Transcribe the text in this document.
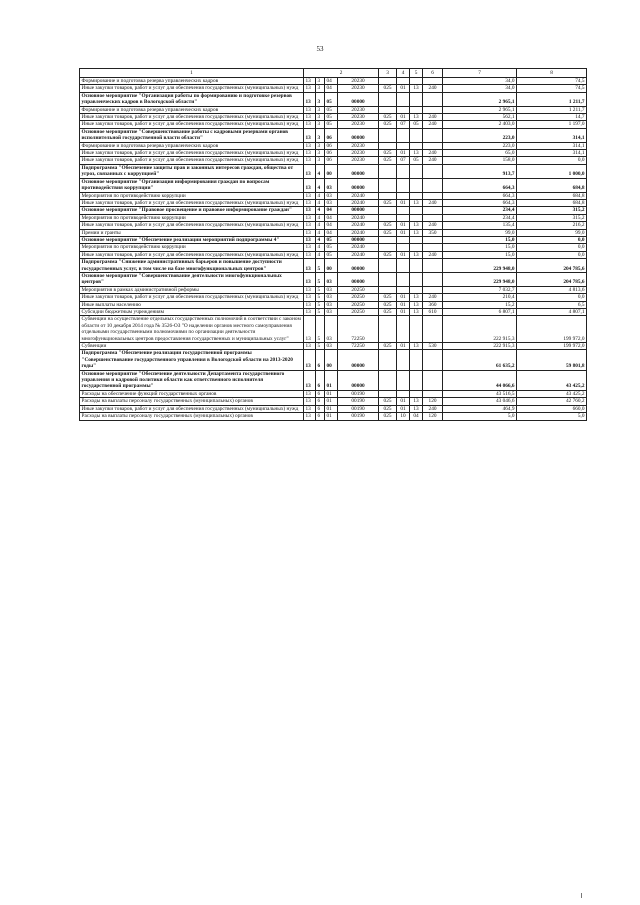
53
1	2				3	4	5	6	7	8
Формирование и подготовка резерва управленческих кадров	13	3	04	20230					34,0	74,5
Иные закупки товаров, работ и услуг для обеспечения государственных (муниципальных) нужд	13	3	04	20230	025	01	13	240	34,0	74,5
Основное мероприятие "Организация работы по формированию и подготовке резервов управленческих кадров в Вологодской области"	13	3	05	00000					2 965,1	1 211,7
Формирование и подготовка резерва управленческих кадров	13	3	05	20230					2 965,1	1 211,7
Иные закупки товаров, работ и услуг для обеспечения государственных (муниципальных) нужд	13	3	05	20230	025	01	13	240	562,1	14,7
Иные закупки товаров, работ и услуг для обеспечения государственных (муниципальных) нужд	13	3	05	20230	025	07	05	240	2 403,0	1 197,0
Основное мероприятие "Совершенствование работы с кадровыми резервами органов исполнительной государственной власти области"	13	3	06	00000					223,0	314,1
Формирование и подготовка резерва управленческих кадров	13	3	06	20230					223,0	314,1
Иные закупки товаров, работ и услуг для обеспечения государственных (муниципальных) нужд	13	3	06	20230	025	01	13	240	65,0	314,1
Иные закупки товаров, работ и услуг для обеспечения государственных (муниципальных) нужд	13	3	06	20230	025	07	05	240	158,0	0,0
Подпрограмма "Обеспечение защиты прав и законных интересов граждан, общества от угроз, связанных с коррупцией"	13	4	00	00000					913,7	1 000,0
Основное мероприятие "Организация информирования граждан по вопросам противодействия коррупции"	13	4	03	00000					664,3	684,8
Мероприятия по противодействию коррупции	13	4	03	20240					664,3	684,8
Иные закупки товаров, работ и услуг для обеспечения государственных (муниципальных) нужд	13	4	03	20240	025	01	13	240	664,3	684,8
Основное мероприятие "Правовое просвещение и правовое информирование граждан"	13	4	04	00000					234,4	315,2
Мероприятия по противодействию коррупции	13	4	04	20240					234,4	315,2
Иные закупки товаров, работ и услуг для обеспечения государственных (муниципальных) нужд	13	4	04	20240	025	01	13	240	135,4	216,2
Премии и гранты	13	4	04	20240	025	01	13	350	99,0	99,0
Основное мероприятие "Обеспечение реализации мероприятий подпрограммы 4"	13	4	05	00000					15,0	0,0
Мероприятия по противодействию коррупции	13	4	05	20240					15,0	0,0
Иные закупки товаров, работ и услуг для обеспечения государственных (муниципальных) нужд	13	4	05	20240	025	01	13	240	15,0	0,0
Подпрограмма "Снижение административных барьеров и повышение доступности государственных услуг, в том числе на базе многофункциональных центров"	13	5	00	00000					229 948,0	204 785,6
Основное мероприятие "Совершенствование деятельности многофункциональных центров"	13	5	03	00000					229 948,0	204 785,6
Мероприятия в рамках административной реформы	13	5	03	20250					7 032,7	4 813,6
Иные закупки товаров, работ и услуг для обеспечения государственных (муниципальных) нужд	13	5	03	20250	025	01	13	240	210,4	0,0
Иные выплаты населению	13	5	03	20250	025	01	13	360	15,2	6,5
Субсидии бюджетным учреждениям	13	5	03	20250	025	01	13	610	6 807,1	4 807,1
Субвенции на осуществление отдельных государственных полномочий в соответствии с законом области от 10 декабря 2014 года № 3526-ОЗ "О наделении органов местного самоуправления отдельными государственными полномочиями по организации деятельности многофункциональных центров предоставления государственных и муниципальных услуг"	13	5	03	72250					222 915,3	199 972,0
Субвенции	13	5	03	72250	025	01	13	530	222 915,3	199 972,0
Подпрограмма "Обеспечение реализации государственной программы "Совершенствование государственного управления в Вологодской области на 2013-2020 годы"	13	6	00	00000					61 635,2	59 801,8
Основное мероприятие "Обеспечение деятельности Департамента государственного управления и кадровой политики области как ответственного исполнителя государственной программы"	13	6	01	00000					44 066,6	43 425,2
Расходы на обеспечение функций государственных органов	13	6	01	00190					43 516,5	43 425,2
Расходы на выплаты персоналу государственных (муниципальных) органов	13	6	01	00190	025	01	13	120	43 046,6	42 760,2
Иные закупки товаров, работ и услуг для обеспечения государственных (муниципальных) нужд	13	6	01	00190	025	01	13	240	464,9	660,0
Расходы на выплаты персоналу государственных (муниципальных) органов	13	6	01	00190	025	10	04	120	5,0	5,0
